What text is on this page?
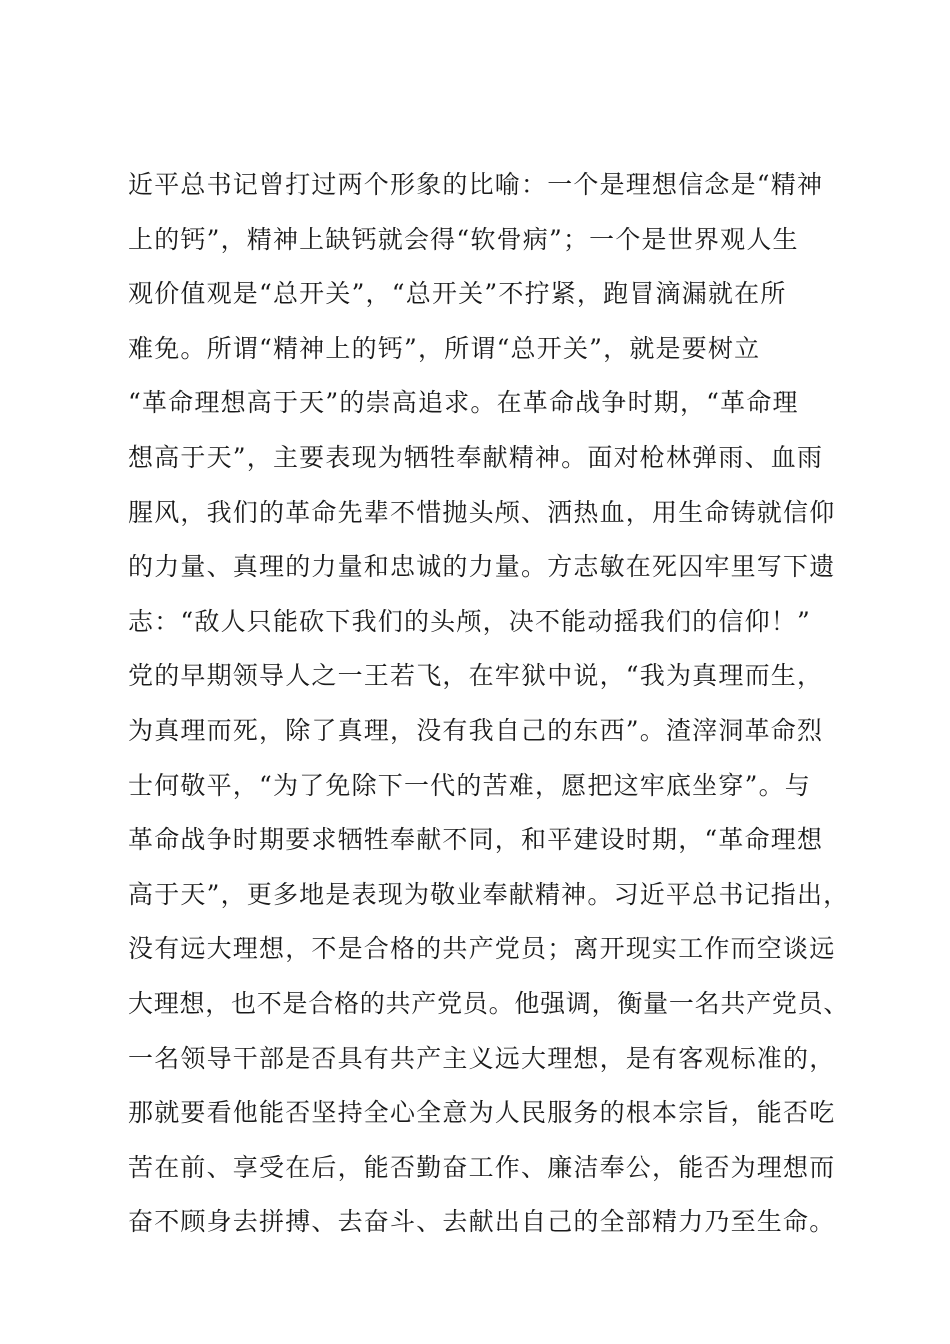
近平总书记曾打过两个形象的比喻：一个是理想信念是“精神
上的钙”，精神上缺钙就会得“软骨病”；一个是世界观人生
观价值观是“总开关”，“总开关”不拧紧，跑冒滴漏就在所
难免。所谓“精神上的钙”，所谓“总开关”，就是要树立
“革命理想高于天”的崇高追求。在革命战争时期，“革命理
想高于天”，主要表现为牺牲奉献精神。面对枪林弹雨、血雨
腥风，我们的革命先辈不惜抛头颅、洒热血，用生命铸就信仰
的力量、真理的力量和忠诚的力量。方志敏在死囚牢里写下遗
志：“敌人只能砍下我们的头颅，决不能动摇我们的信仰！”
党的早期领导人之一王若飞，在牢狱中说，“我为真理而生，
为真理而死，除了真理，没有我自己的东西”。渣滓洞革命烈
士何敬平，“为了免除下一代的苦难，愿把这牢底坐穿”。与
革命战争时期要求牺牲奉献不同，和平建设时期，“革命理想
高于天”，更多地是表现为敬业奉献精神。习近平总书记指出，
没有远大理想，不是合格的共产党员；离开现实工作而空谈远
大理想，也不是合格的共产党员。他强调，衡量一名共产党员、
一名领导干部是否具有共产主义远大理想，是有客观标准的，
那就要看他能否坚持全心全意为人民服务的根本宗旨，能否吃
苦在前、享受在后，能否勤奋工作、廉洁奉公，能否为理想而
奋不顾身去拼搏、去奋斗、去献出自己的全部精力乃至生命。
